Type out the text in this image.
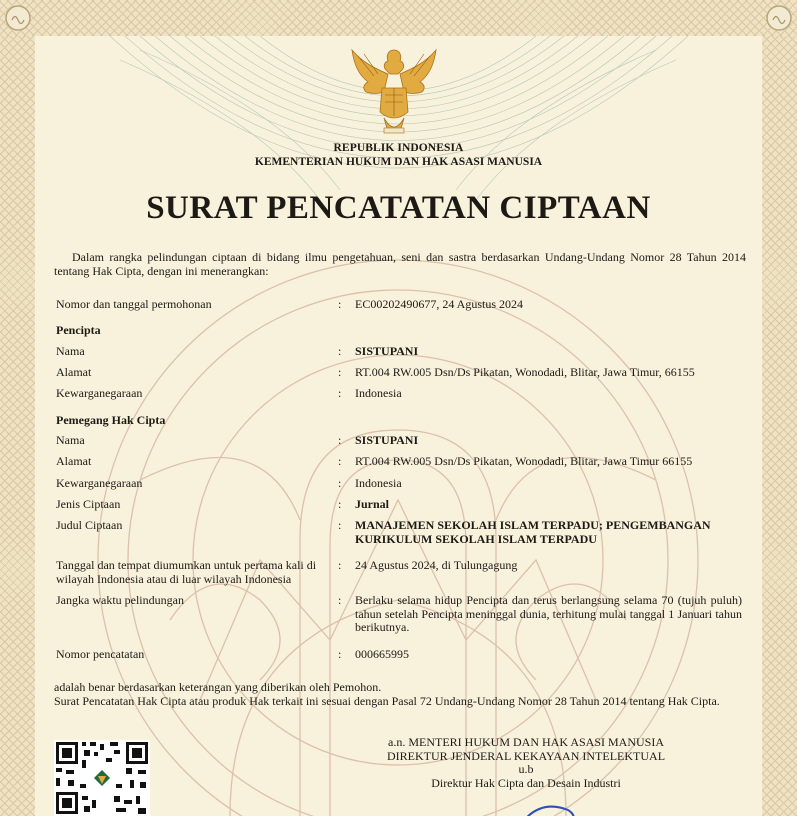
REPUBLIK INDONESIA
KEMENTERIAN HUKUM DAN HAK ASASI MANUSIA
SURAT PENCATATAN CIPTAAN
Dalam rangka pelindungan ciptaan di bidang ilmu pengetahuan, seni dan sastra berdasarkan Undang-Undang Nomor 28 Tahun 2014 tentang Hak Cipta, dengan ini menerangkan:
Nomor dan tanggal permohonan	:	EC00202490677, 24 Agustus 2024
Pencipta
Nama	:	SISTUPANI
Alamat	:	RT.004 RW.005 Dsn/Ds Pikatan, Wonodadi, Blitar, Jawa Timur, 66155
Kewarganegaraan	:	Indonesia
Pemegang Hak Cipta
Nama	:	SISTUPANI
Alamat	:	RT.004 RW.005 Dsn/Ds Pikatan, Wonodadi, Blitar, Jawa Timur 66155
Kewarganegaraan	:	Indonesia
Jenis Ciptaan	:	Jurnal
Judul Ciptaan	:	MANAJEMEN SEKOLAH ISLAM TERPADU; PENGEMBANGAN KURIKULUM SEKOLAH ISLAM TERPADU
Tanggal dan tempat diumumkan untuk pertama kali di wilayah Indonesia atau di luar wilayah Indonesia
:	24 Agustus 2024, di Tulungagung
Jangka waktu pelindungan	:	Berlaku selama hidup Pencipta dan terus berlangsung selama 70 (tujuh puluh) tahun setelah Pencipta meninggal dunia, terhitung mulai tanggal 1 Januari tahun berikutnya.
Nomor pencatatan	:	000665995
adalah benar berdasarkan keterangan yang diberikan oleh Pemohon.
Surat Pencatatan Hak Cipta atau produk Hak terkait ini sesuai dengan Pasal 72 Undang-Undang Nomor 28 Tahun 2014 tentang Hak Cipta.
a.n. MENTERI HUKUM DAN HAK ASASI MANUSIA
DIREKTUR JENDERAL KEKAYAAN INTELEKTUAL
u.b
Direktur Hak Cipta dan Desain Industri
